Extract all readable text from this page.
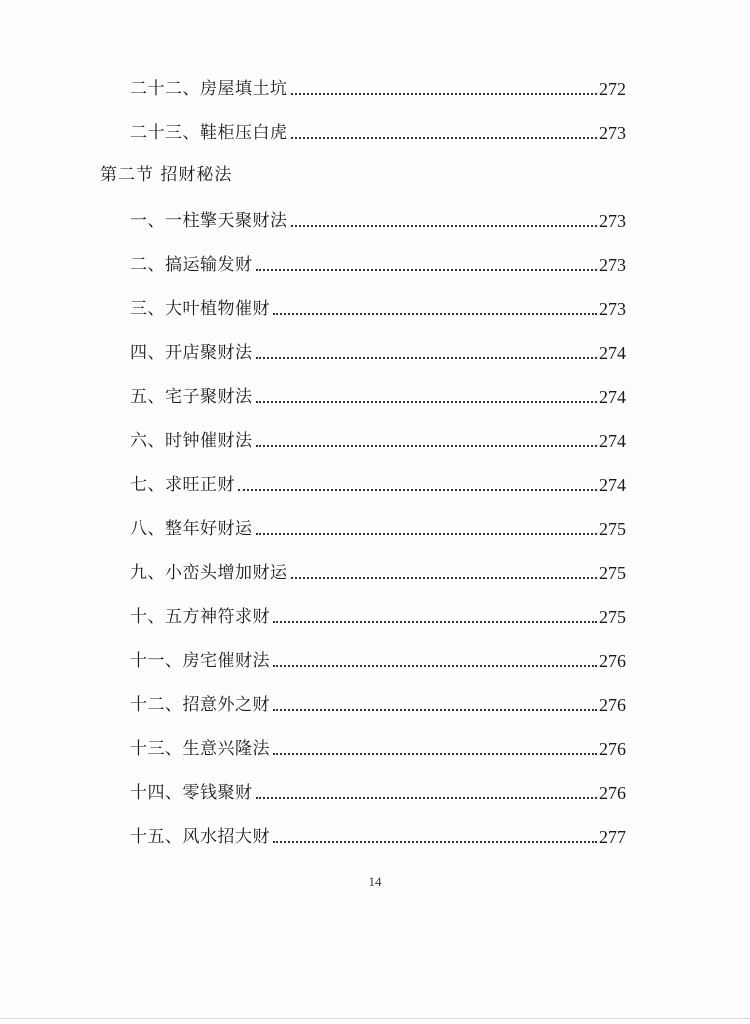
二十二、房屋填土坑	272
二十三、鞋柜压白虎	273
第二节 招财秘法
一、一柱擎天聚财法	273
二、搞运输发财	273
三、大叶植物催财	273
四、开店聚财法	274
五、宅子聚财法	274
六、时钟催财法	274
七、求旺正财	274
八、整年好财运	275
九、小峦头增加财运	275
十、五方神符求财	275
十一、房宅催财法	276
十二、招意外之财	276
十三、生意兴隆法	276
十四、零钱聚财	276
十五、风水招大财	277
14
